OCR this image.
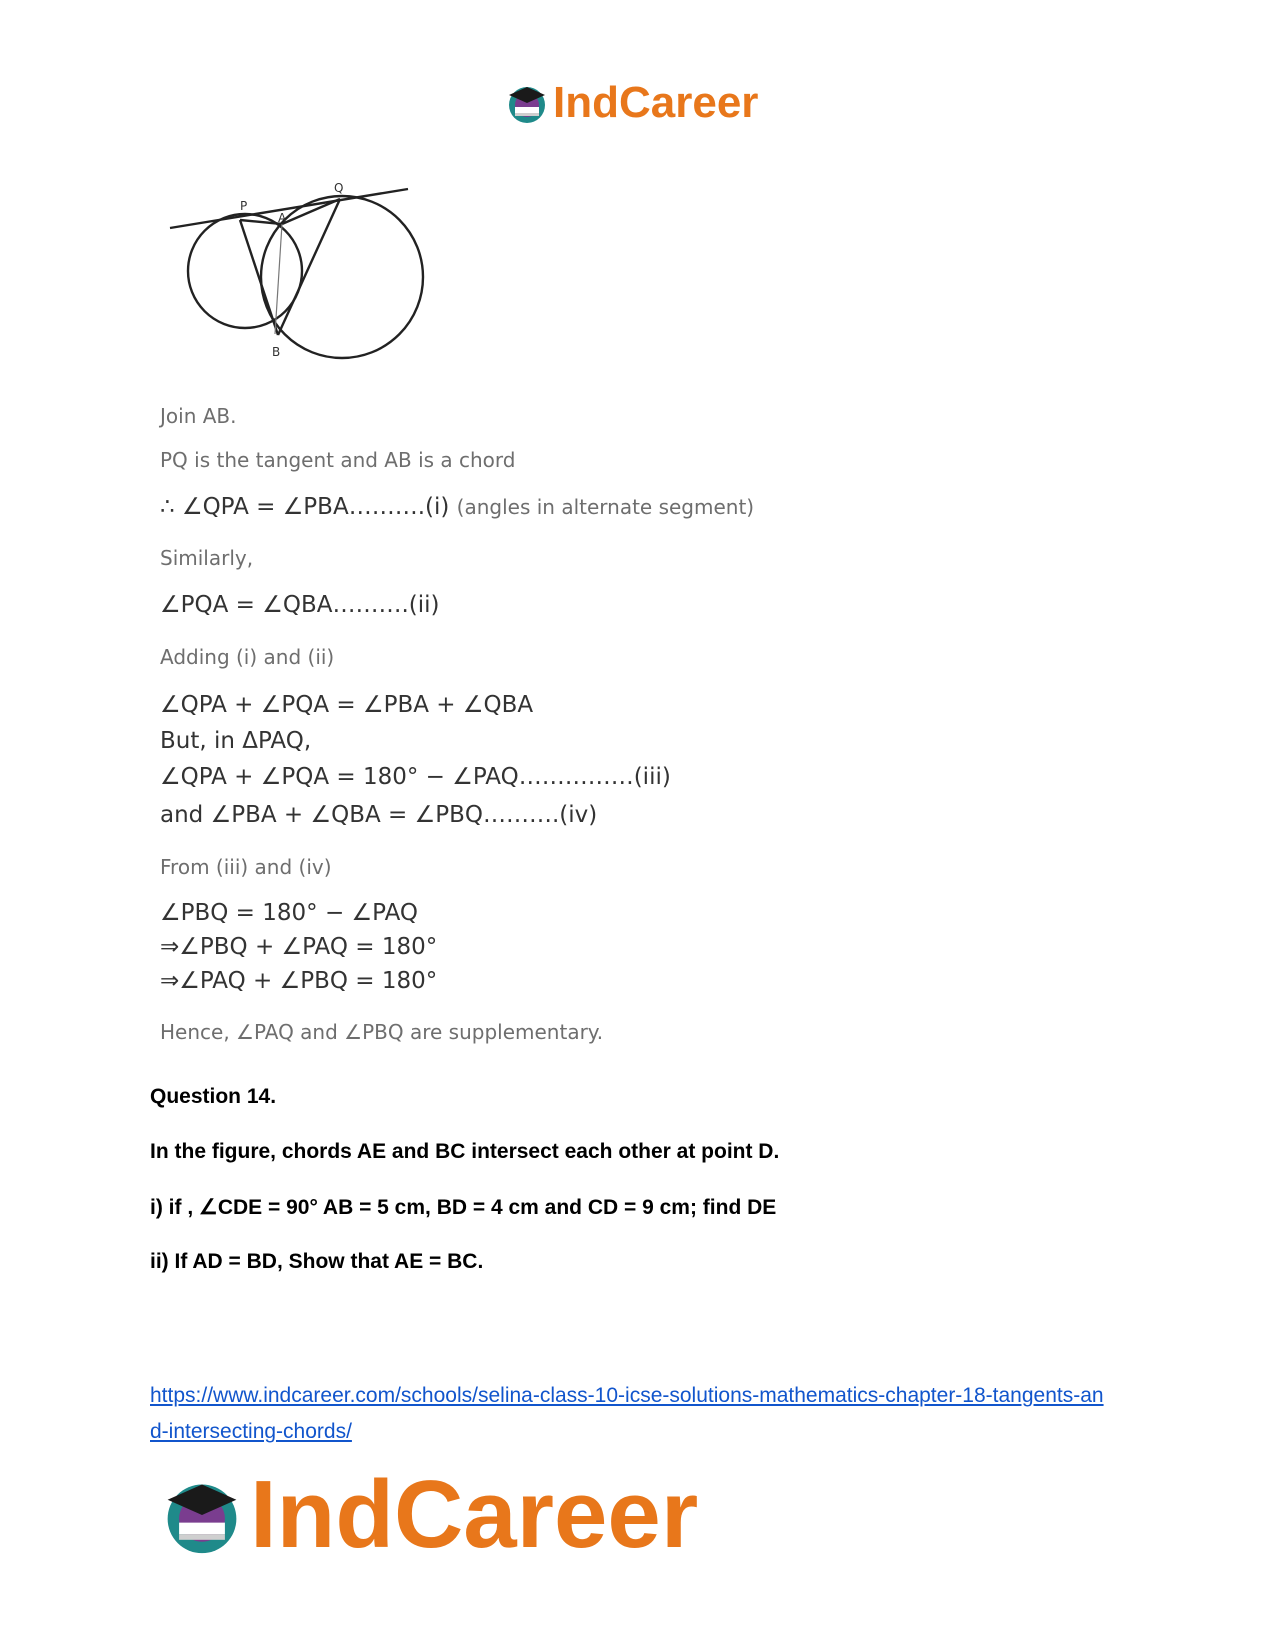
IndCareer
P
Q
A
B
Join AB.
PQ is the tangent and AB is a chord
∴ ∠QPA = ∠PBA……….(i) (angles in alternate segment)
Similarly,
∠PQA = ∠QBA……….(ii)
Adding (i) and (ii)
∠QPA + ∠PQA = ∠PBA + ∠QBA
But, in ΔPAQ,
∠QPA + ∠PQA = 180° − ∠PAQ……………(iii)
and ∠PBA + ∠QBA = ∠PBQ……….(iv)
From (iii) and (iv)
∠PBQ = 180° − ∠PAQ
⇒∠PBQ + ∠PAQ = 180°
⇒∠PAQ + ∠PBQ = 180°
Hence, ∠PAQ and ∠PBQ are supplementary.
Question 14.
In the figure, chords AE and BC intersect each other at point D.
i) if , ∠CDE = 90° AB = 5 cm, BD = 4 cm and CD = 9 cm; find DE
ii) If AD = BD, Show that AE = BC.
https://www.indcareer.com/schools/selina-class-10-icse-solutions-mathematics-chapter-18-tangents-and-intersecting-chords/
IndCareer
